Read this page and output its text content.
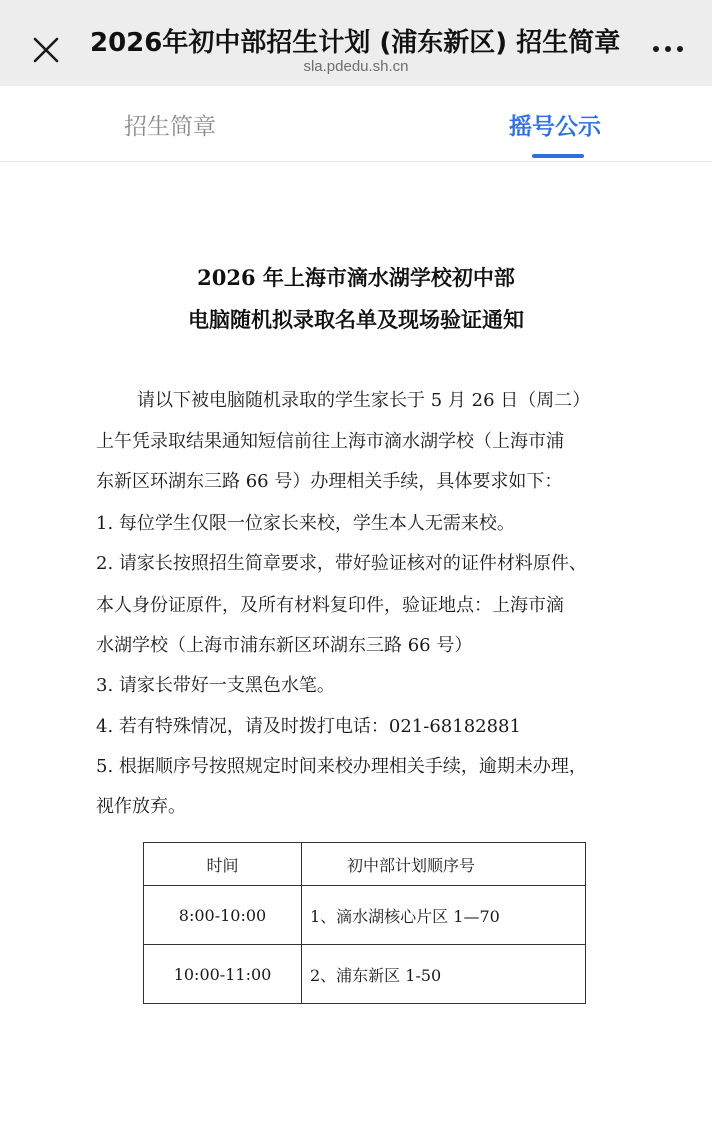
2026年初中部招生计划 (浦东新区) 招生简章
sla.pdedu.sh.cn
招生简章	摇号公示
2026 年上海市滴水湖学校初中部
电脑随机拟录取名单及现场验证通知
请以下被电脑随机录取的学生家长于 5 月 26 日（周二）
上午凭录取结果通知短信前往上海市滴水湖学校（上海市浦
东新区环湖东三路 66 号）办理相关手续，具体要求如下：
1. 每位学生仅限一位家长来校，学生本人无需来校。
2. 请家长按照招生简章要求，带好验证核对的证件材料原件、
本人身份证原件，及所有材料复印件，验证地点：上海市滴
水湖学校（上海市浦东新区环湖东三路 66 号）
3. 请家长带好一支黑色水笔。
4. 若有特殊情况，请及时拨打电话：021-68182881
5. 根据顺序号按照规定时间来校办理相关手续，逾期未办理，
视作放弃。
时间	初中部计划顺序号
8:00-10:00	1、滴水湖核心片区 1—70
10:00-11:00	2、浦东新区 1-50
